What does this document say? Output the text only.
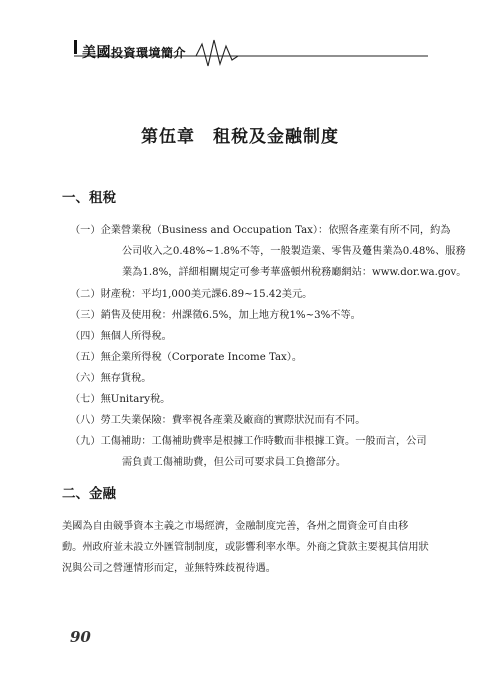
美國投資環境簡介
第伍章　租稅及金融制度
一、租稅
（一）企業營業稅（Business and Occupation Tax）：依照各產業有所不同，約為
公司收入之0.48%~1.8%不等，一般製造業、零售及躉售業為0.48%、服務
業為1.8%，詳細相關規定可參考華盛頓州稅務廳網站：www.dor.wa.gov。
（二）財產稅：平均1,000美元課6.89~15.42美元。
（三）銷售及使用稅：州課徵6.5%，加上地方稅1%~3%不等。
（四）無個人所得稅。
（五）無企業所得稅（Corporate Income Tax）。
（六）無存貨稅。
（七）無Unitary稅。
（八）勞工失業保險：費率視各產業及廠商的實際狀況而有不同。
（九）工傷補助：工傷補助費率是根據工作時數而非根據工資。一般而言，公司
需負責工傷補助費，但公司可要求員工負擔部分。
二、金融
美國為自由競爭資本主義之市場經濟，金融制度完善，各州之間資金可自由移
動。州政府並未設立外匯管制制度，或影響利率水準。外商之貸款主要視其信用狀
況與公司之營運情形而定，並無特殊歧視待遇。
90
